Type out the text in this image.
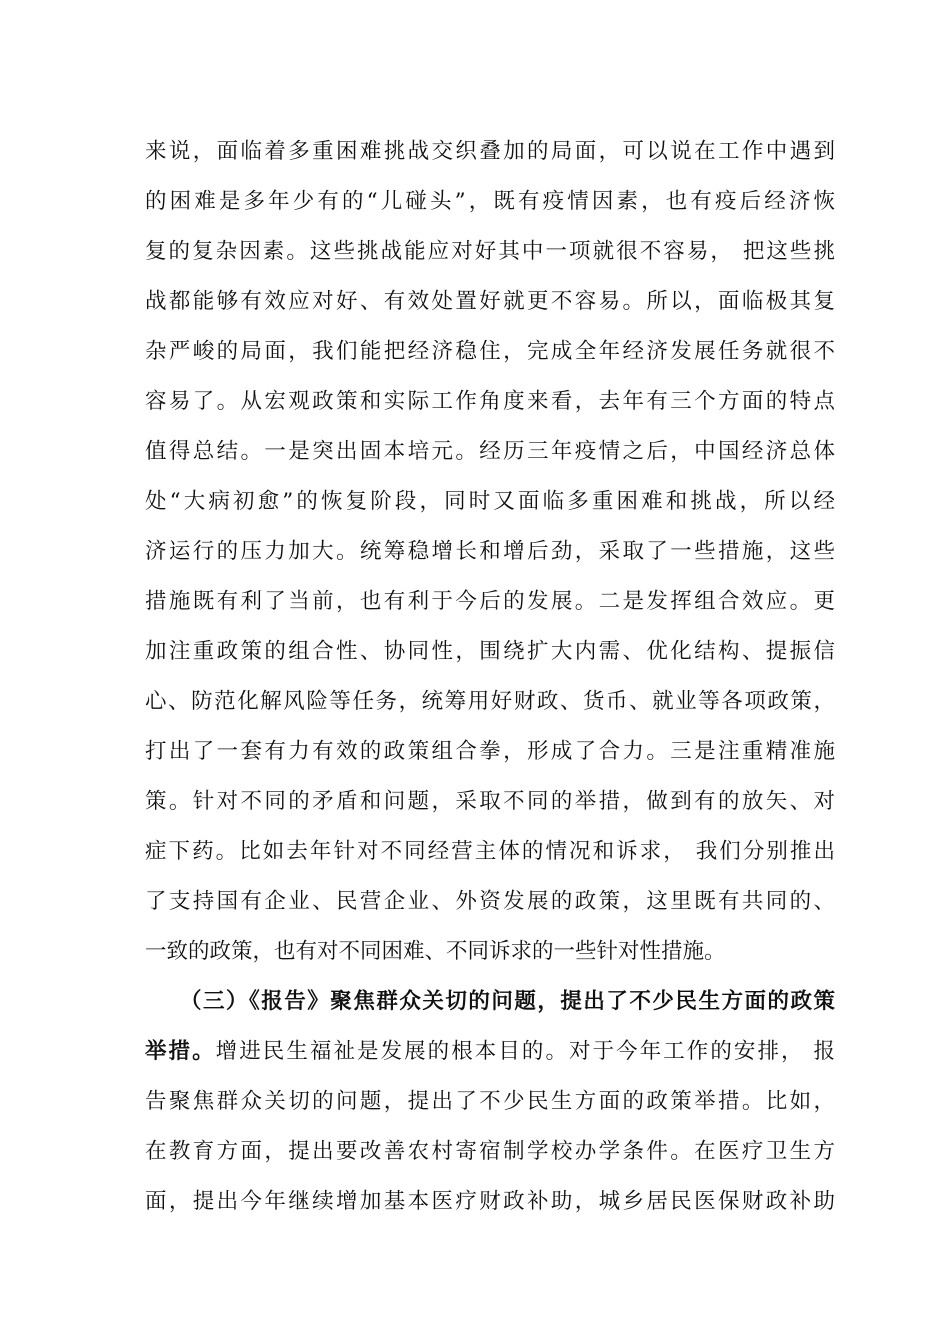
来说，面临着多重困难挑战交织叠加的局面，可以说在工作中遇到
的困难是多年少有的“儿碰头”，既有疫情因素，也有疫后经济恢
复的复杂因素。这些挑战能应对好其中一项就很不容易， 把这些挑
战都能够有效应对好、有效处置好就更不容易。所以，面临极其复
杂严峻的局面，我们能把经济稳住，完成全年经济发展任务就很不
容易了。从宏观政策和实际工作角度来看，去年有三个方面的特点
值得总结。一是突出固本培元。经历三年疫情之后，中国经济总体
处“大病初愈”的恢复阶段，同时又面临多重困难和挑战，所以经
济运行的压力加大。统筹稳增长和增后劲，采取了一些措施，这些
措施既有利了当前，也有利于今后的发展。二是发挥组合效应。更
加注重政策的组合性、协同性，围绕扩大内需、优化结构、提振信
心、防范化解风险等任务，统筹用好财政、货币、就业等各项政策，
打出了一套有力有效的政策组合拳，形成了合力。三是注重精准施
策。针对不同的矛盾和问题，采取不同的举措，做到有的放矢、对
症下药。比如去年针对不同经营主体的情况和诉求， 我们分别推出
了支持国有企业、民营企业、外资发展的政策，这里既有共同的、
一致的政策，也有对不同困难、不同诉求的一些针对性措施。
（三）《报告》聚焦群众关切的问题，提出了不少民生方面的政策
举措。增进民生福祉是发展的根本目的。对于今年工作的安排， 报
告聚焦群众关切的问题，提出了不少民生方面的政策举措。比如，
在教育方面，提出要改善农村寄宿制学校办学条件。在医疗卫生方
面，提出今年继续增加基本医疗财政补助，城乡居民医保财政补助
